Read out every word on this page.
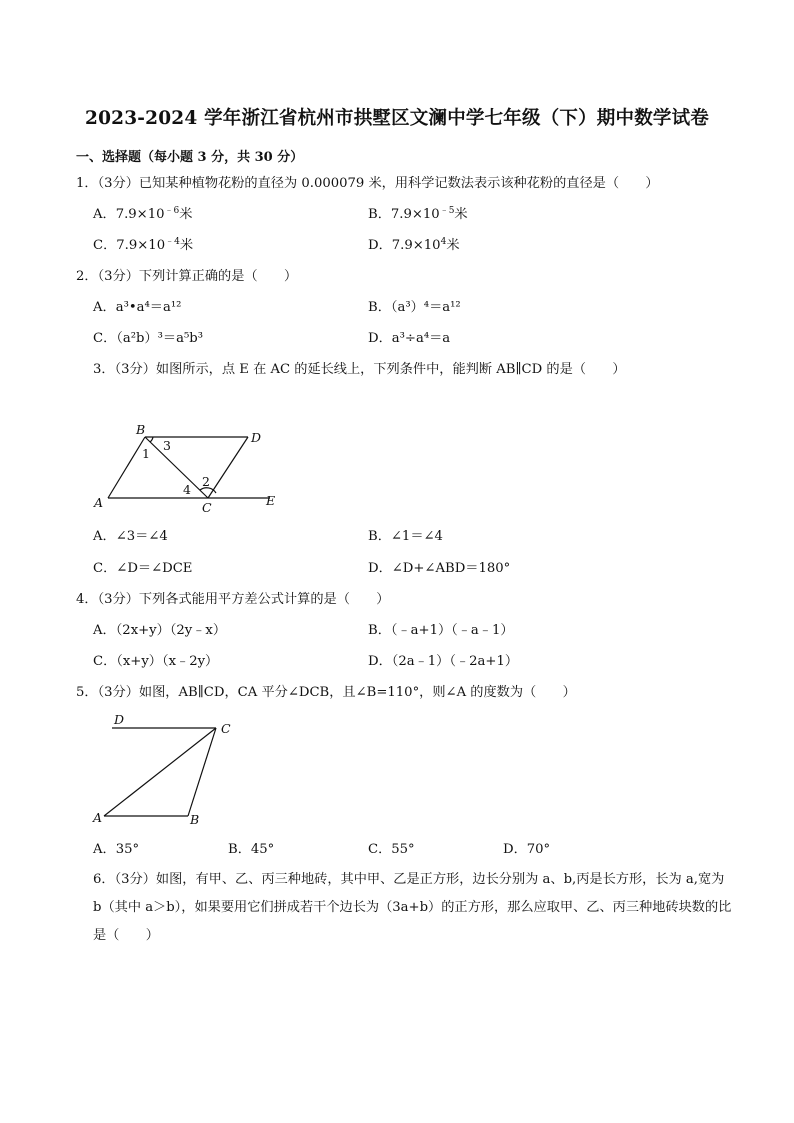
2023-2024 学年浙江省杭州市拱墅区文澜中学七年级（下）期中数学试卷
一、选择题（每小题 3 分，共 30 分）
1．（3分）已知某种植物花粉的直径为 0.000079 米，用科学记数法表示该种花粉的直径是（　　）
A．$7.9\times 10^{﹣6}$米	B．$7.9\times 10^{﹣5}$米
C．$7.9\times 10^{﹣4}$米	D．$7.9\times 10^4$米
2．（3分）下列计算正确的是（　　）
A．a³•a⁴＝a¹²	B．（a³）⁴＝a¹²
C．（a²b）³＝a⁵b³	D．a³÷a⁴＝a
3．（3分）如图所示，点 E 在 AC 的延长线上，下列条件中，能判断 AB∥CD 的是（　　）
B
D
A	C	E
1
3
2
4
A．∠3＝∠4	B．∠1＝∠4
C．∠D＝∠DCE	D．∠D+∠ABD＝180°
4．（3分）下列各式能用平方差公式计算的是（　　）
A．（2x+y）（2y﹣x）	B．（﹣a+1）（﹣a﹣1）
C．（x+y）（x﹣2y）	D．（2a﹣1）（﹣2a+1）
5．（3分）如图，AB∥CD，CA 平分∠DCB，且∠B=110°，则∠A 的度数为（　　）
D
C
A	B
A．35°	B．45°	C．55°	D．70°
6．（3分）如图，有甲、乙、丙三种地砖，其中甲、乙是正方形，边长分别为 a、b,丙是长方形，长为 a,宽为 b（其中 a＞b），如果要用它们拼成若干个边长为（3a+b）的正方形，那么应取甲、乙、丙三种地砖块数的比是（　　）
